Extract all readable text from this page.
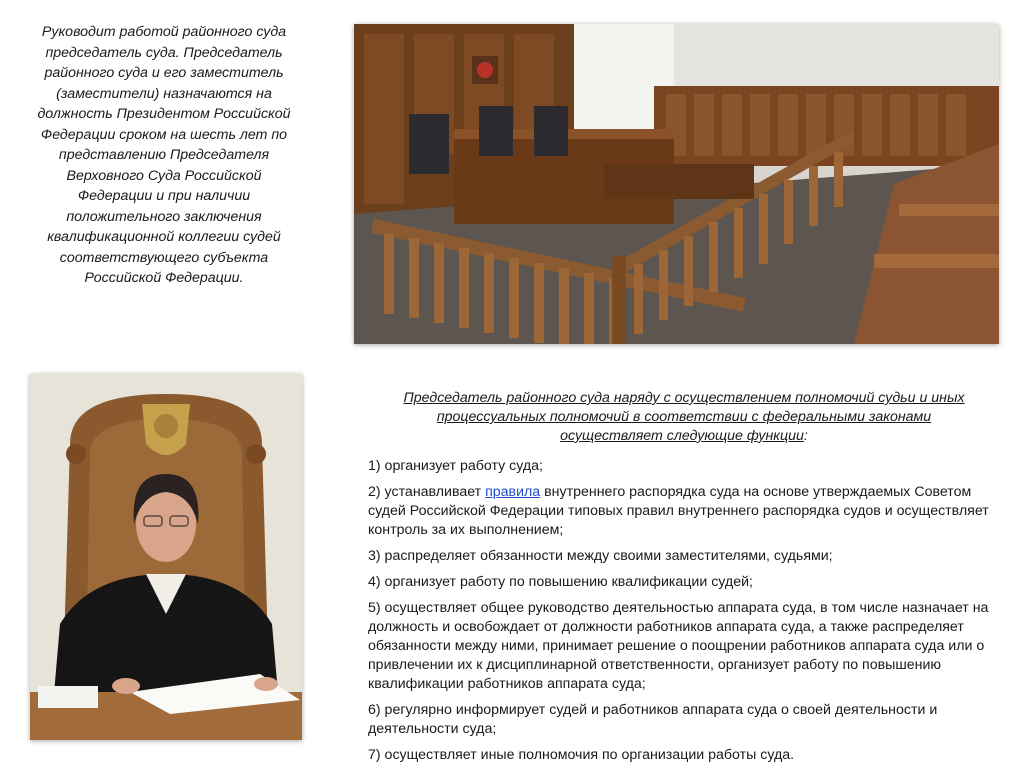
Руководит работой районного суда председатель суда. Председатель районного суда и его заместитель (заместители) назначаются на должность Президентом Российской Федерации сроком на шесть лет по представлению Председателя Верховного Суда Российской Федерации и при наличии положительного заключения квалификационной коллегии судей соответствующего субъекта Российской Федерации.
Председатель районного суда наряду с осуществлением полномочий судьи и иных процессуальных полномочий в соответствии с федеральными законами осуществляет следующие функции:
1) организует работу суда;
2) устанавливает правила внутреннего распорядка суда на основе утверждаемых Советом судей Российской Федерации типовых правил внутреннего распорядка судов и осуществляет контроль за их выполнением;
3) распределяет обязанности между своими заместителями, судьями;
4) организует работу по повышению квалификации судей;
5) осуществляет общее руководство деятельностью аппарата суда, в том числе назначает на должность и освобождает от должности работников аппарата суда, а также распределяет обязанности между ними, принимает решение о поощрении работников аппарата суда или о привлечении их к дисциплинарной ответственности, организует работу по повышению квалификации работников аппарата суда;
6) регулярно информирует судей и работников аппарата суда о своей деятельности и деятельности суда;
7) осуществляет иные полномочия по организации работы суда.
